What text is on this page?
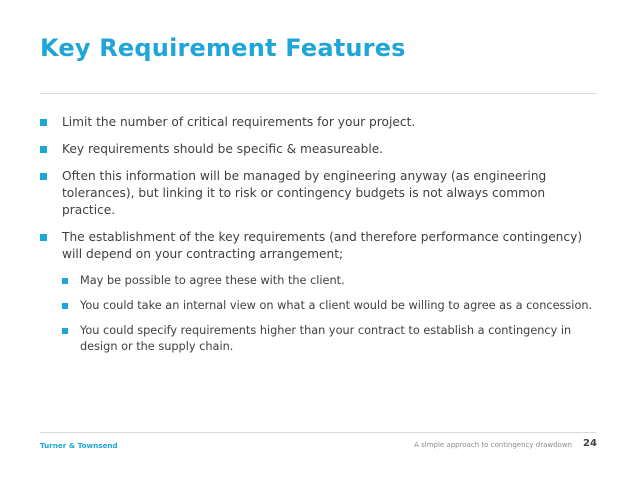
Key Requirement Features
Limit the number of critical requirements for your project.
Key requirements should be specific & measureable.
Often this information will be managed by engineering anyway (as engineering tolerances), but linking it to risk or contingency budgets is not always common practice.
The establishment of the key requirements (and therefore performance contingency) will depend on your contracting arrangement;
May be possible to agree these with the client.
You could take an internal view on what a client would be willing to agree as a concession.
You could specify requirements higher than your contract to establish a contingency in design or the supply chain.
Turner & Townsend	A simple approach to contingency drawdown 24
